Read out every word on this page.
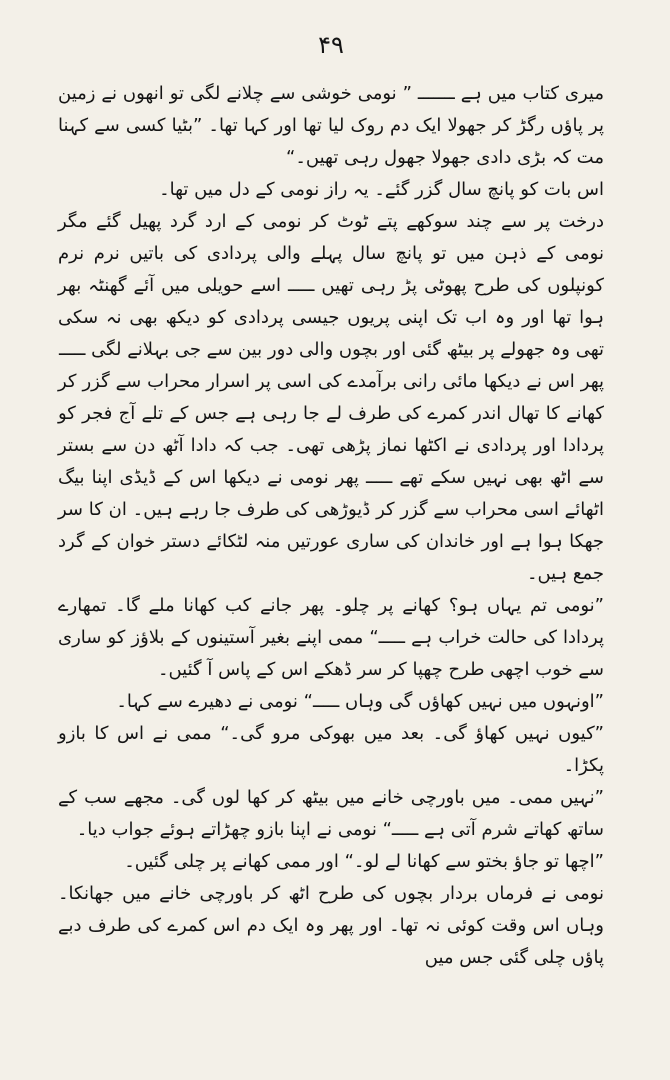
۴۹

میری کتاب میں ہے ـــــــ ” نومی خوشی سے چلانے لگی تو انھوں نے زمین پر پاؤں رگڑ کر جھولا ایک دم روک لیا تھا اور کہا تھا۔ ”بٹیا کسی سے کہنا مت کہ بڑی دادی جھولا جھول رہی تھیں۔“

اس بات کو پانچ سال گزر گئے۔ یہ راز نومی کے دل میں تھا۔

درخت پر سے چند سوکھے پتے ٹوٹ کر نومی کے ارد گرد پھیل گئے مگر نومی کے ذہن میں تو پانچ سال پہلے والی پردادی کی باتیں نرم نرم کونپلوں کی طرح پھوٹی پڑ رہی تھیں ـــــ اسے حویلی میں آئے گھنٹہ بھر ہوا تھا اور وہ اب تک اپنی پریوں جیسی پردادی کو دیکھ بھی نہ سکی تھی وہ جھولے پر بیٹھ گئی اور بچوں والی دور بین سے جی بہلانے لگی ـــــ

پھر اس نے دیکھا مائی رانی برآمدے کی اسی پر اسرار محراب سے گزر کر کھانے کا تھال اندر کمرے کی طرف لے جا رہی ہے جس کے تلے آج فجر کو پردادا اور پردادی نے اکٹھا نماز پڑھی تھی۔ جب کہ دادا آٹھ دن سے بستر سے اٹھ بھی نہیں سکے تھے ـــــ پھر نومی نے دیکھا اس کے ڈیڈی اپنا بیگ اٹھائے اسی محراب سے گزر کر ڈیوڑھی کی طرف جا رہے ہیں۔ ان کا سر جھکا ہوا ہے اور خاندان کی ساری عورتیں منہ لٹکائے دستر خوان کے گرد جمع ہیں۔

”نومی تم یہاں ہو؟ کھانے پر چلو۔ پھر جانے کب کھانا ملے گا۔ تمھارے پردادا کی حالت خراب ہے ـــــ“ ممی اپنے بغیر آستینوں کے بلاؤز کو ساری سے خوب اچھی طرح چھپا کر سر ڈھکے اس کے پاس آ گئیں۔

”اونہوں میں نہیں کھاؤں گی وہاں ـــــ“ نومی نے دھیرے سے کہا۔

”کیوں نہیں کھاؤ گی۔ بعد میں بھوکی مرو گی۔“ ممی نے اس کا بازو پکڑا۔

”نہیں ممی۔ میں باورچی خانے میں بیٹھ کر کھا لوں گی۔ مجھے سب کے ساتھ کھاتے شرم آتی ہے ـــــ“ نومی نے اپنا بازو چھڑاتے ہوئے جواب دیا۔

”اچھا تو جاؤ بختو سے کھانا لے لو۔“ اور ممی کھانے پر چلی گئیں۔

نومی نے فرماں بردار بچوں کی طرح اٹھ کر باورچی خانے میں جھانکا۔ وہاں اس وقت کوئی نہ تھا۔ اور پھر وہ ایک دم اس کمرے کی طرف دبے پاؤں چلی گئی جس میں
